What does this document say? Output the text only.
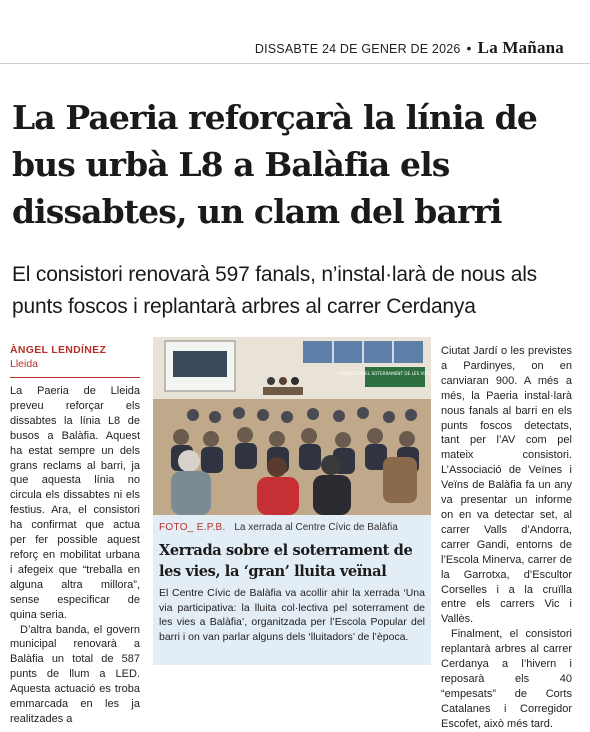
DISSABTE 24 DE GENER DE 2026 • La Mañana
La Paeria reforçarà la línia de bus urbà L8 a Balàfia els dissabtes, un clam del barri

El consistori renovarà 597 fanals, n’instal·larà de nous als punts foscos i replantarà arbres al carrer Cerdanya

ÀNGEL LENDÍNEZ
Lleida

La Paeria de Lleida preveu reforçar els dissabtes la línia L8 de busos a Balàfia. Aquest ha estat sempre un dels grans reclams al barri, ja que aquesta línia no circula els dissabtes ni els festius. Ara, el consistori ha confirmat que actua per fer possible aquest reforç en mobilitat urbana i afegeix que “treballa en alguna altra millora”, sense especificar de quina seria.

D’altra banda, el govern municipal renovarà a Balàfia un total de 587 punts de llum a LED. Aquesta actuació es troba emmarcada en les ja realitzades a

CONNECTEM EL SOTERRAMENT DE LES VIES A BALÀFIA
FOTO_ E.P.B. La xerrada al Centre Cívic de Balàfia
Xerrada sobre el soterrament de les vies, la ‘gran’ lluita veïnal

El Centre Cívic de Balàfia va acollir ahir la xerrada ‘Una via participativa: la lluita col·lectiva pel soterrament de les vies a Balàfia’, organitzada per l’Escola Popular del barri i on van parlar alguns dels ‘lluitadors’ de l’època.

Ciutat Jardí o les previstes a Pardinyes, on en canviaran 900. A més a més, la Paeria instal·larà nous fanals al barri en els punts foscos detectats, tant per l’AV com pel mateix consistori. L’Associació de Veïnes i Veïns de Balàfia fa un any va presentar un informe on en va detectar set, al carrer Valls d’Andorra, carrer Gandi, entorns de l’Escola Minerva, carrer de la Garrotxa, d’Escultor Corselles i a la cruïlla entre els carrers Vic i Vallès.

Finalment, el consistori replantarà arbres al carrer Cerdanya a l’hivern i reposarà els 40 “empesats” de Corts Catalanes i Corregidor Escofet, això més tard.
